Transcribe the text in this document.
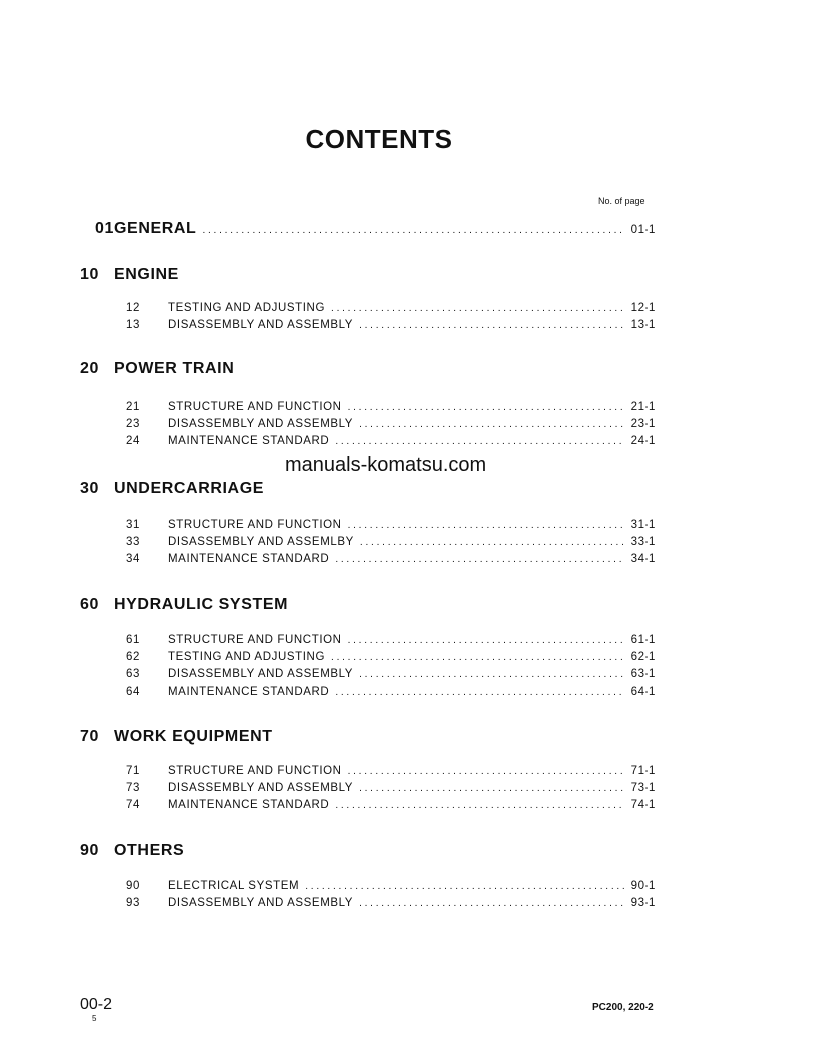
CONTENTS
No. of page
01 GENERAL . . .	01-1
10 ENGINE
12	TESTING AND ADJUSTING . . .	12-1
13	DISASSEMBLY AND ASSEMBLY . . .	13-1
20 POWER TRAIN
21	STRUCTURE AND FUNCTION . . .	21-1
23	DISASSEMBLY AND ASSEMBLY . . .	23-1
24	MAINTENANCE STANDARD . . .	24-1
30 UNDERCARRIAGE
31	STRUCTURE AND FUNCTION . . .	31-1
33	DISASSEMBLY AND ASSEMLBY . . .	33-1
34	MAINTENANCE STANDARD . . .	34-1
60 HYDRAULIC SYSTEM
61	STRUCTURE AND FUNCTION . . .	61-1
62	TESTING AND ADJUSTING . . .	62-1
63	DISASSEMBLY AND ASSEMBLY . . .	63-1
64	MAINTENANCE STANDARD . . .	64-1
70 WORK EQUIPMENT
71	STRUCTURE AND FUNCTION . . .	71-1
73	DISASSEMBLY AND ASSEMBLY . . .	73-1
74	MAINTENANCE STANDARD . . .	74-1
90 OTHERS
90	ELECTRICAL SYSTEM . . .	90-1
93	DISASSEMBLY AND ASSEMBLY . . .	93-1
manuals-komatsu.com
00-2
5
PC200, 220-2
